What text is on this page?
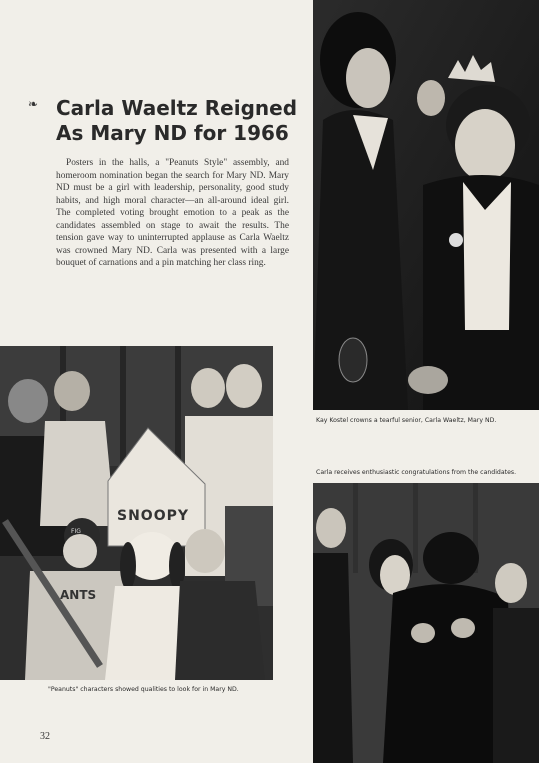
❧ Carla Waeltz Reigned
As Mary ND for 1966

Posters in the halls, a "Peanuts Style" assembly, and homeroom nomination began the search for Mary ND. Mary ND must be a girl with leadership, personality, good study habits, and high moral character—an all-around ideal girl. The completed voting brought emotion to a peak as the candidates assembled on stage to await the results. The tension gave way to uninterrupted applause as Carla Waeltz was crowned Mary ND. Carla was presented with a large bouquet of carnations and a pin matching her class ring.

SNOOPY
ANTS
FIG
Kay Kostel crowns a tearful senior, Carla Waeltz, Mary ND.
Carla receives enthusiastic congratulations from the candidates.
"Peanuts" characters showed qualities to look for in Mary ND.
32
